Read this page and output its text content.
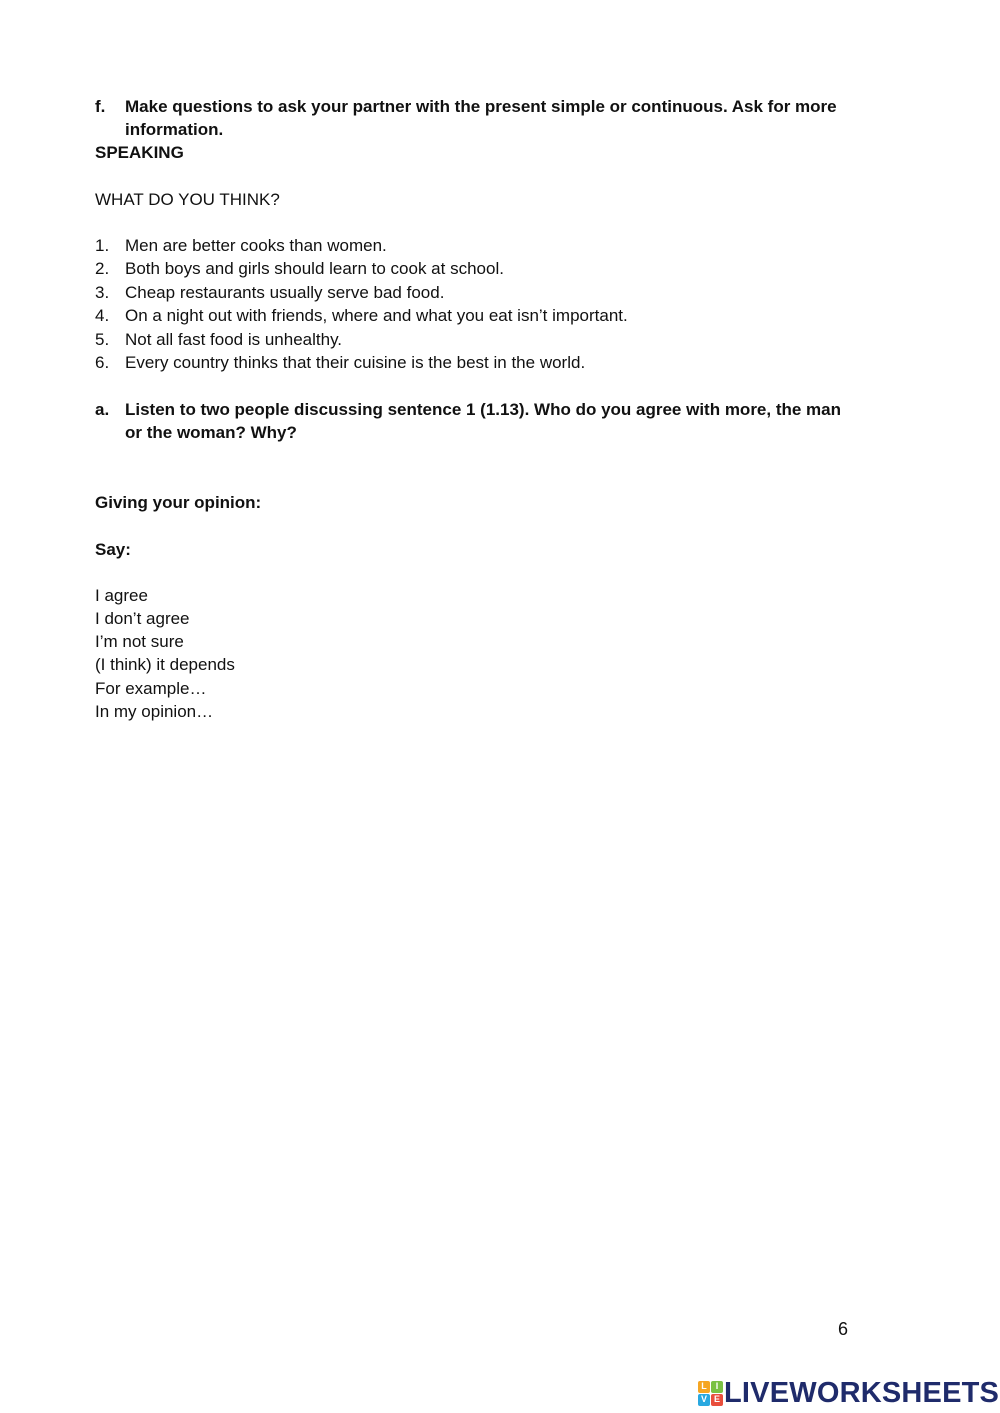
f.	Make questions to ask your partner with the present simple or continuous. Ask for more
information.
SPEAKING
WHAT DO YOU THINK?
1. Men are better cooks than women.
2. Both boys and girls should learn to cook at school.
3. Cheap restaurants usually serve bad food.
4. On a night out with friends, where and what you eat isn’t important.
5. Not all fast food is unhealthy.
6. Every country thinks that their cuisine is the best in the world.
a. Listen to two people discussing sentence 1 (1.13). Who do you agree with more, the man
or the woman? Why?
Giving your opinion:
Say:
I agree
I don’t agree
I’m not sure
(I think) it depends
For example…
In my opinion…
6
L I
V E LIVEWORKSHEETS
